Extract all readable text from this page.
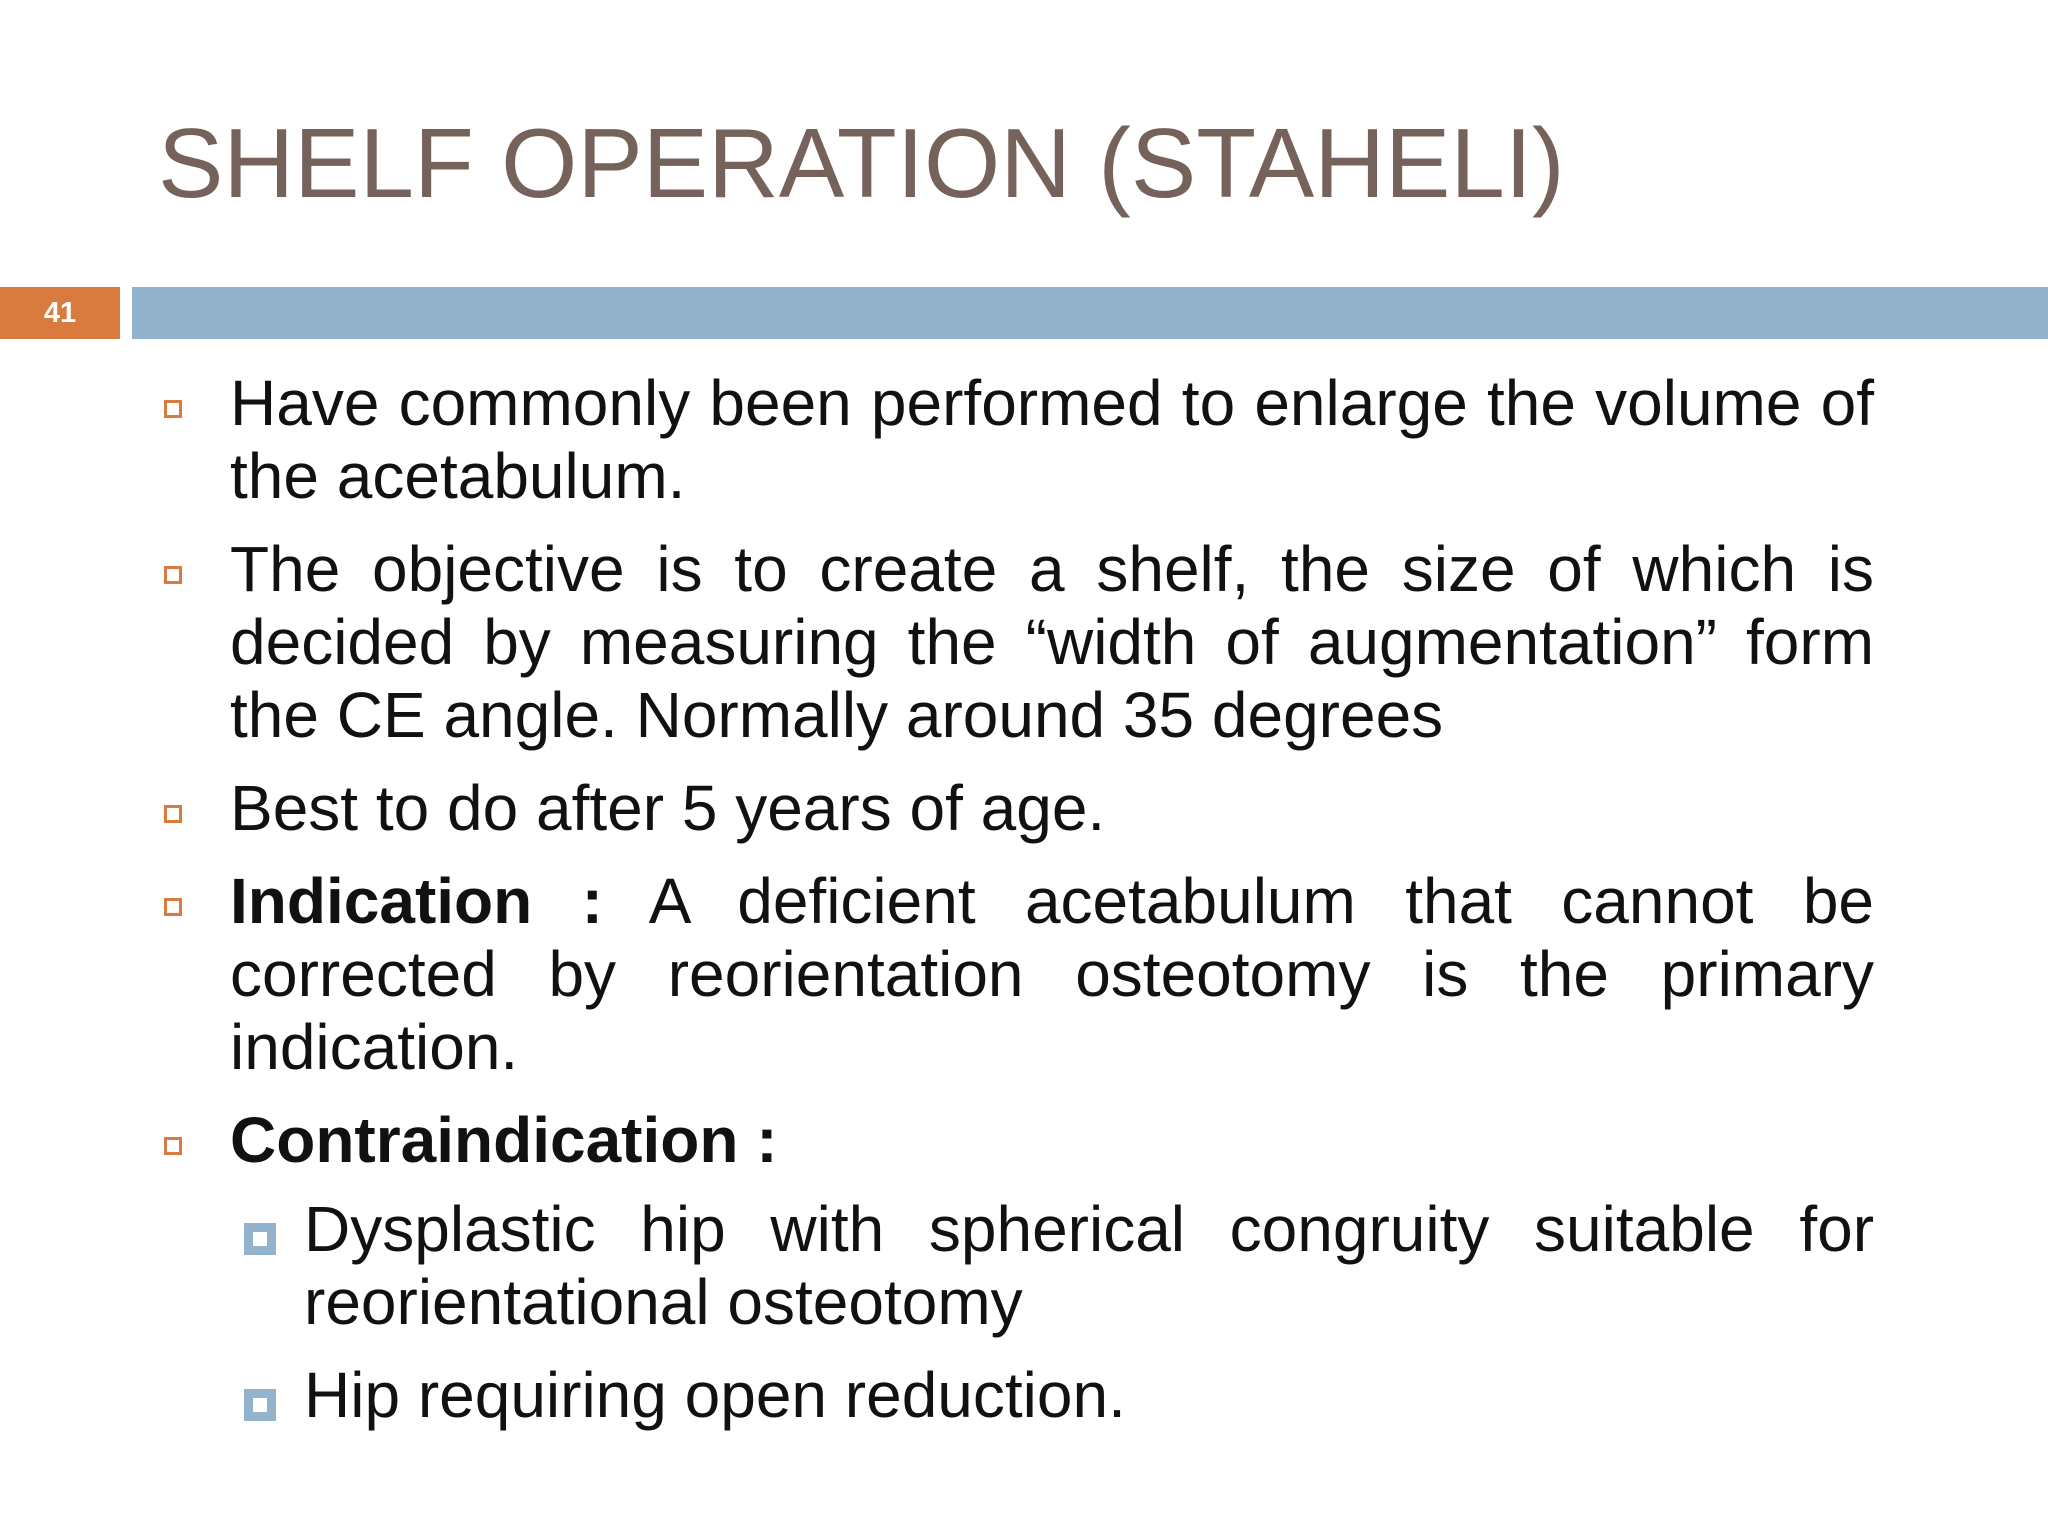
SHELF OPERATION (STAHELI)
41
Have commonly been performed to enlarge the volume of the acetabulum.
The objective is to create a shelf, the size of which is decided by measuring the “width of augmentation” form the CE angle. Normally around 35 degrees
Best to do after 5 years of age.
Indication : A deficient acetabulum that cannot be corrected by reorientation osteotomy is the primary indication.
Contraindication :
Dysplastic hip with spherical congruity suitable for reorientational osteotomy
Hip requiring open reduction.
